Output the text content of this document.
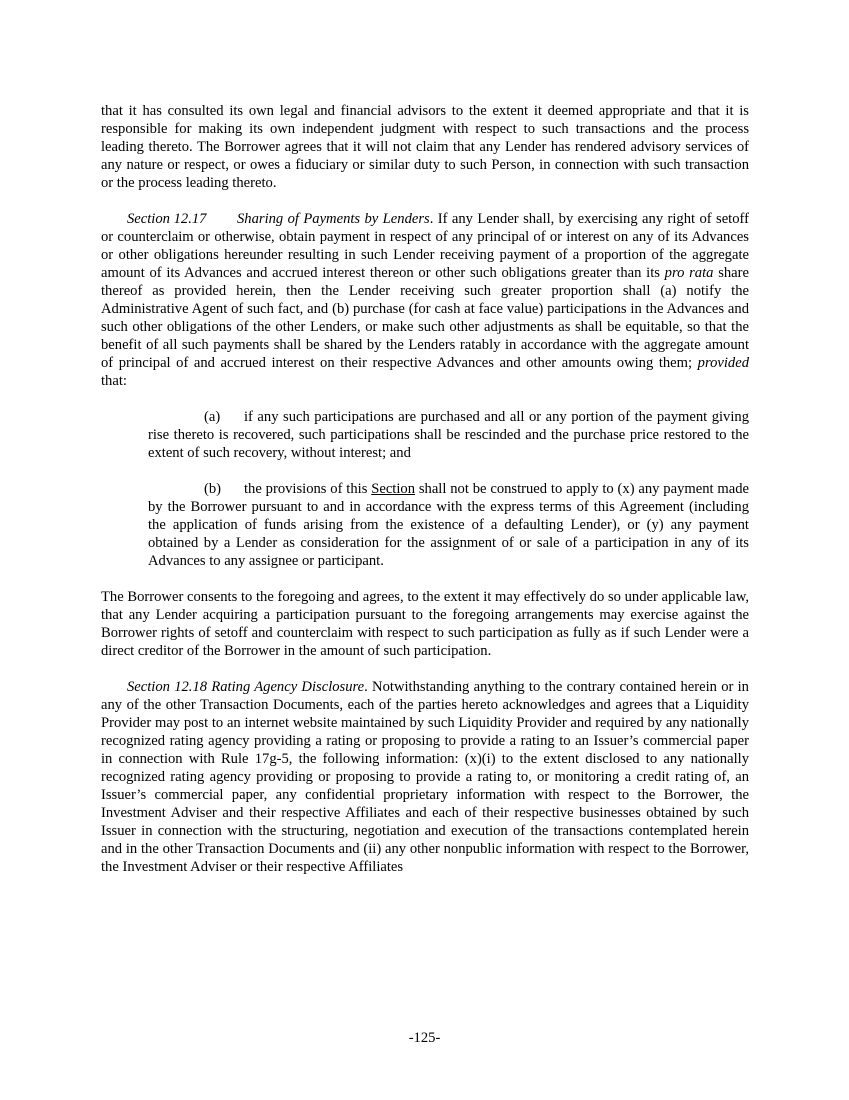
that it has consulted its own legal and financial advisors to the extent it deemed appropriate and that it is responsible for making its own independent judgment with respect to such transactions and the process leading thereto. The Borrower agrees that it will not claim that any Lender has rendered advisory services of any nature or respect, or owes a fiduciary or similar duty to such Person, in connection with such transaction or the process leading thereto.

Section 12.17 Sharing of Payments by Lenders. If any Lender shall, by exercising any right of setoff or counterclaim or otherwise, obtain payment in respect of any principal of or interest on any of its Advances or other obligations hereunder resulting in such Lender receiving payment of a proportion of the aggregate amount of its Advances and accrued interest thereon or other such obligations greater than its pro rata share thereof as provided herein, then the Lender receiving such greater proportion shall (a) notify the Administrative Agent of such fact, and (b) purchase (for cash at face value) participations in the Advances and such other obligations of the other Lenders, or make such other adjustments as shall be equitable, so that the benefit of all such payments shall be shared by the Lenders ratably in accordance with the aggregate amount of principal of and accrued interest on their respective Advances and other amounts owing them; provided that:

(a) if any such participations are purchased and all or any portion of the payment giving rise thereto is recovered, such participations shall be rescinded and the purchase price restored to the extent of such recovery, without interest; and

(b) the provisions of this Section shall not be construed to apply to (x) any payment made by the Borrower pursuant to and in accordance with the express terms of this Agreement (including the application of funds arising from the existence of a defaulting Lender), or (y) any payment obtained by a Lender as consideration for the assignment of or sale of a participation in any of its Advances to any assignee or participant.

The Borrower consents to the foregoing and agrees, to the extent it may effectively do so under applicable law, that any Lender acquiring a participation pursuant to the foregoing arrangements may exercise against the Borrower rights of setoff and counterclaim with respect to such participation as fully as if such Lender were a direct creditor of the Borrower in the amount of such participation.

Section 12.18 Rating Agency Disclosure. Notwithstanding anything to the contrary contained herein or in any of the other Transaction Documents, each of the parties hereto acknowledges and agrees that a Liquidity Provider may post to an internet website maintained by such Liquidity Provider and required by any nationally recognized rating agency providing a rating or proposing to provide a rating to an Issuer’s commercial paper in connection with Rule 17g-5, the following information: (x)(i) to the extent disclosed to any nationally recognized rating agency providing or proposing to provide a rating to, or monitoring a credit rating of, an Issuer’s commercial paper, any confidential proprietary information with respect to the Borrower, the Investment Adviser and their respective Affiliates and each of their respective businesses obtained by such Issuer in connection with the structuring, negotiation and execution of the transactions contemplated herein and in the other Transaction Documents and (ii) any other nonpublic information with respect to the Borrower, the Investment Adviser or their respective Affiliates

-125-
